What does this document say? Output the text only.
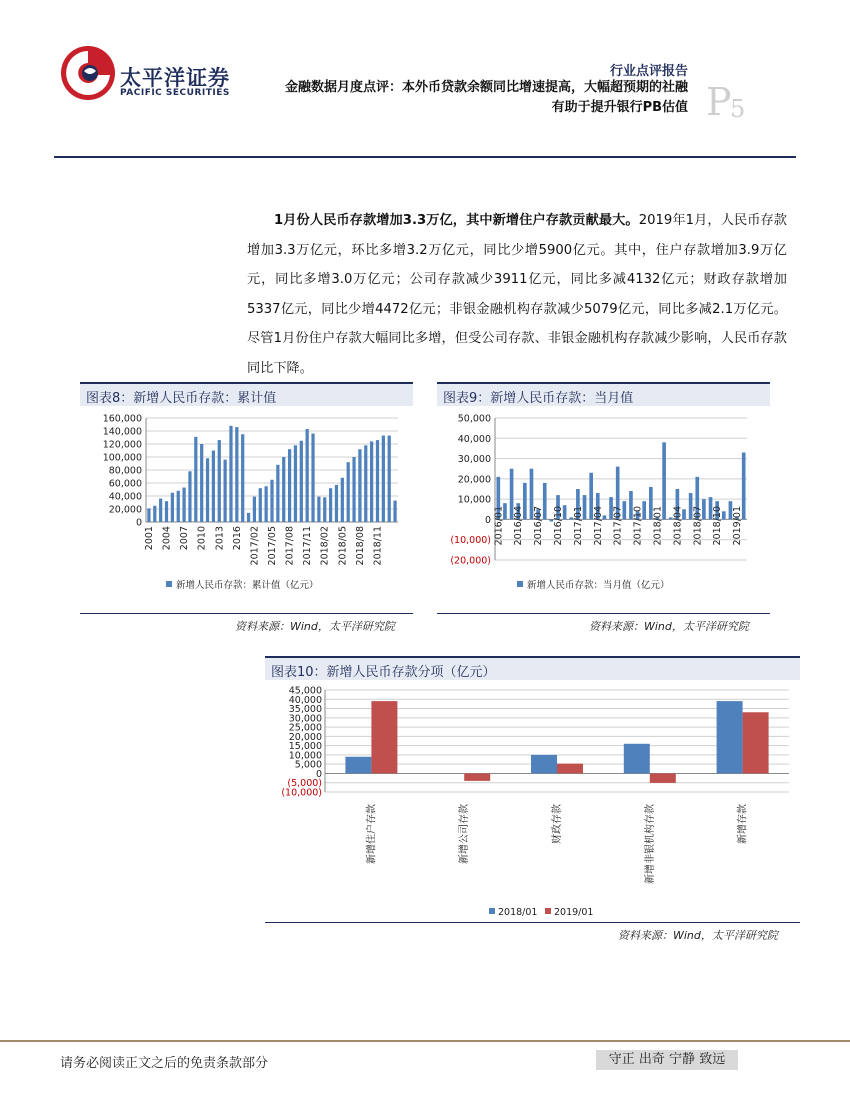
太平洋证券
PACIFIC SECURITIES
行业点评报告
金融数据月度点评：本外币贷款余额同比增速提高，大幅超预期的社融
有助于提升银行PB估值 P
5
1月份人民币存款增加3.3万亿，其中新增住户存款贡献最大。2019年1月，人民币存款增加3.3万亿元，环比多增3.2万亿元，同比少增5900亿元。其中，住户存款增加3.9万亿元，同比多增3.0万亿元；公司存款减少3911亿元，同比多减4132亿元；财政存款增加5337亿元，同比少增4472亿元；非银金融机构存款减少5079亿元，同比多减2.1万亿元。尽管1月份住户存款大幅同比多增，但受公司存款、非银金融机构存款减少影响，人民币存款同比下降。
图表8：新增人民币存款：累计值
0
20,000
40,000
60,000
80,000
100,000
120,000
140,000
160,000
2001 2004 2007 2010 2013 2016 2017/02 2017/05 2017/08 2017/11 2018/02 2018/05 2018/08 2018/11
新增人民币存款：累计值（亿元）
资料来源：Wind，太平洋研究院
图表9：新增人民币存款：当月值
(20,000)
(10,000)
0
10,000
20,000
30,000
40,000
50,000
2016/01 2016/04 2016/07 2016/10 2017/01 2017/04 2017/07 2017/10 2018/01 2018/04 2018/07 2018/10 2019/01
新增人民币存款：当月值（亿元）
资料来源：Wind，太平洋研究院
图表10：新增人民币存款分项（亿元）
(10,000)
(5,000)
0
5,000
10,000
15,000
20,000
25,000
30,000
35,000
40,000
45,000
新增住户存款	新增公司存款	财政存款	新增非银机构存款	新增存款
2018/01 2019/01
资料来源：Wind，太平洋研究院
请务必阅读正文之后的免责条款部分	守正 出奇 宁静 致远
